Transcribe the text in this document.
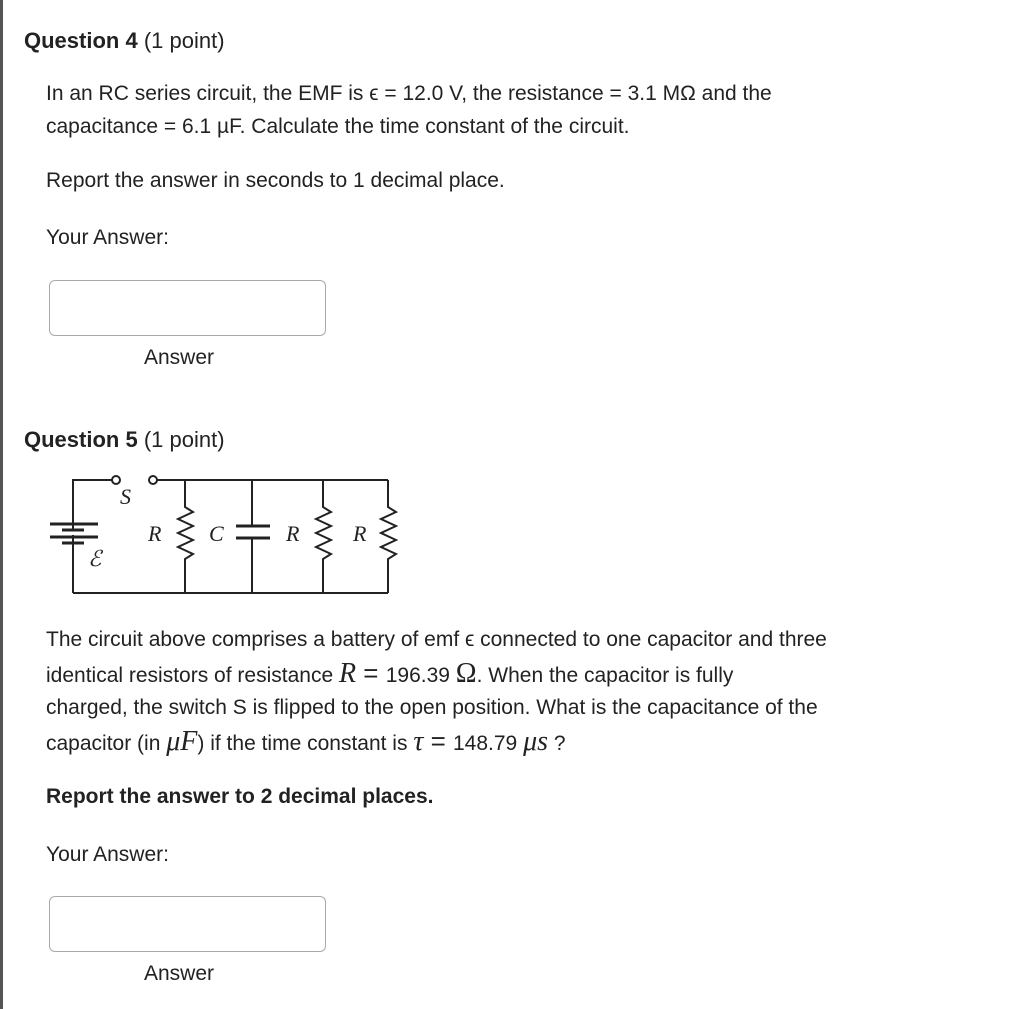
Question 4 (1 point)
In an RC series circuit, the EMF is ϵ = 12.0 V, the resistance = 3.1 MΩ and the
capacitance = 6.1 µF. Calculate the time constant of the circuit.
Report the answer in seconds to 1 decimal place.
Your Answer:
Answer
Question 5 (1 point)
S
ℰ
R C	R R
The circuit above comprises a battery of emf ϵ connected to one capacitor and three
identical resistors of resistance R = 196.39 Ω. When the capacitor is fully
charged, the switch S is flipped to the open position. What is the capacitance of the
capacitor (in μF) if the time constant is τ = 148.79 μs ?
Report the answer to 2 decimal places.
Your Answer:
Answer
